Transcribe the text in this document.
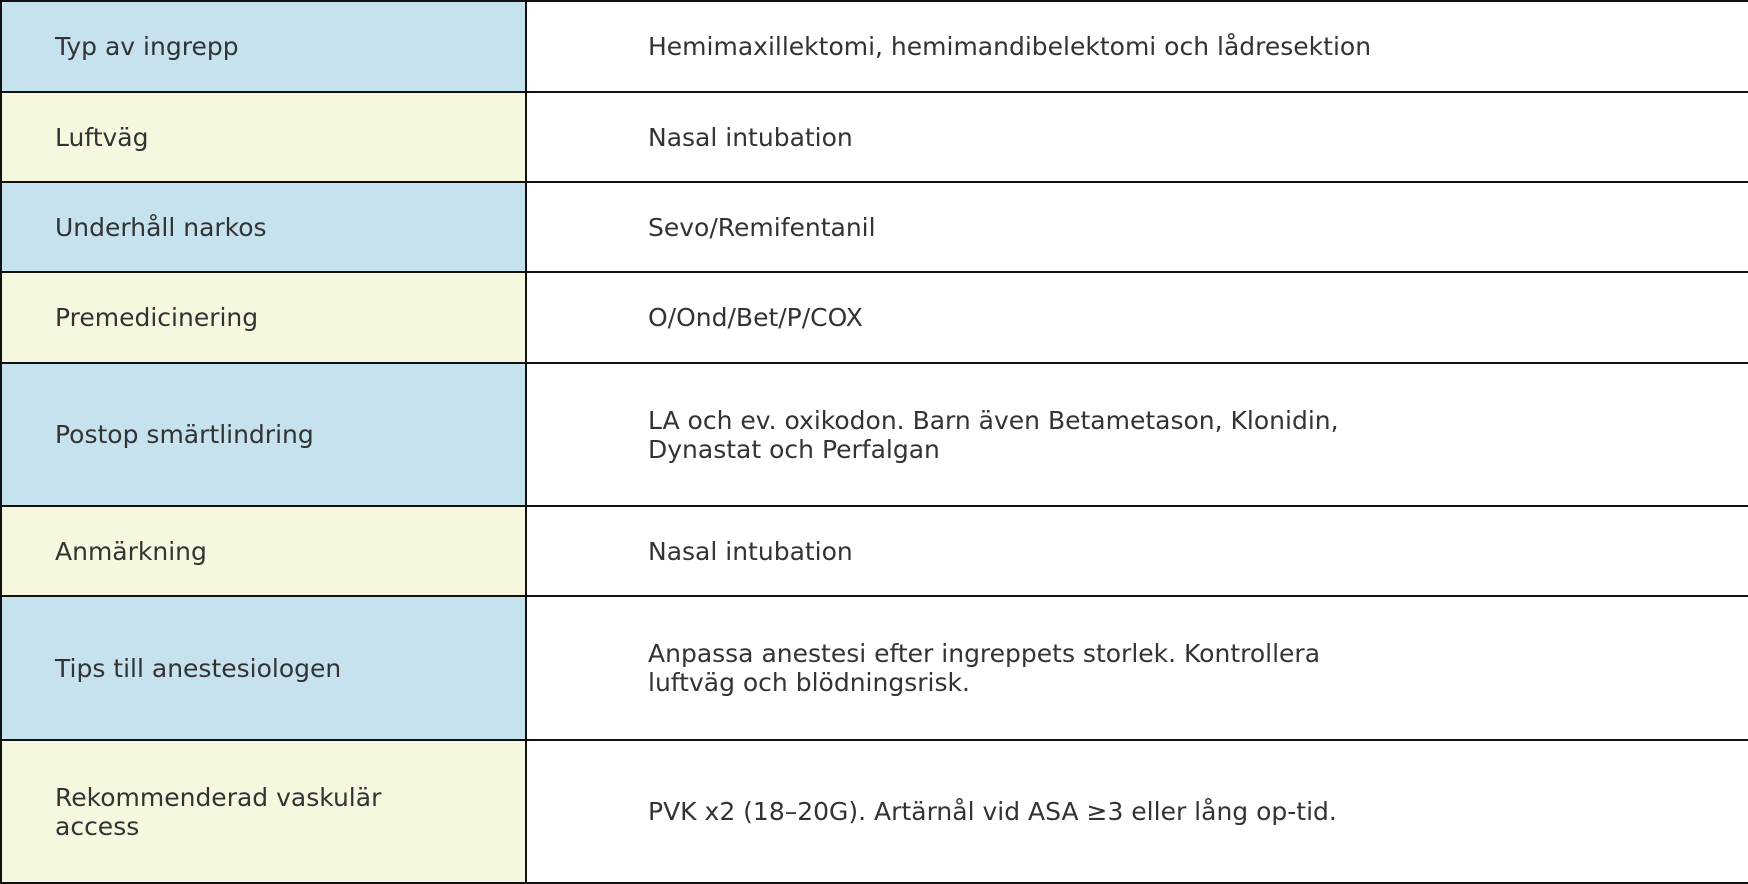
Typ av ingrepp	Hemimaxillektomi, hemimandibelektomi och lådresektion

Luftväg	Nasal intubation

Underhåll narkos	Sevo/Remifentanil

Premedicinering	O/Ond/Bet/P/COX

Postop smärtlindring	LA och ev. oxikodon. Barn även Betametason, Klonidin, Dynastat och Perfalgan

Anmärkning	Nasal intubation

Tips till anestesiologen	Anpassa anestesi efter ingreppets storlek. Kontrollera luftväg och blödningsrisk.

Rekommenderad vaskulär access	PVK x2 (18–20G). Artärnål vid ASA ≥3 eller lång op-tid.
